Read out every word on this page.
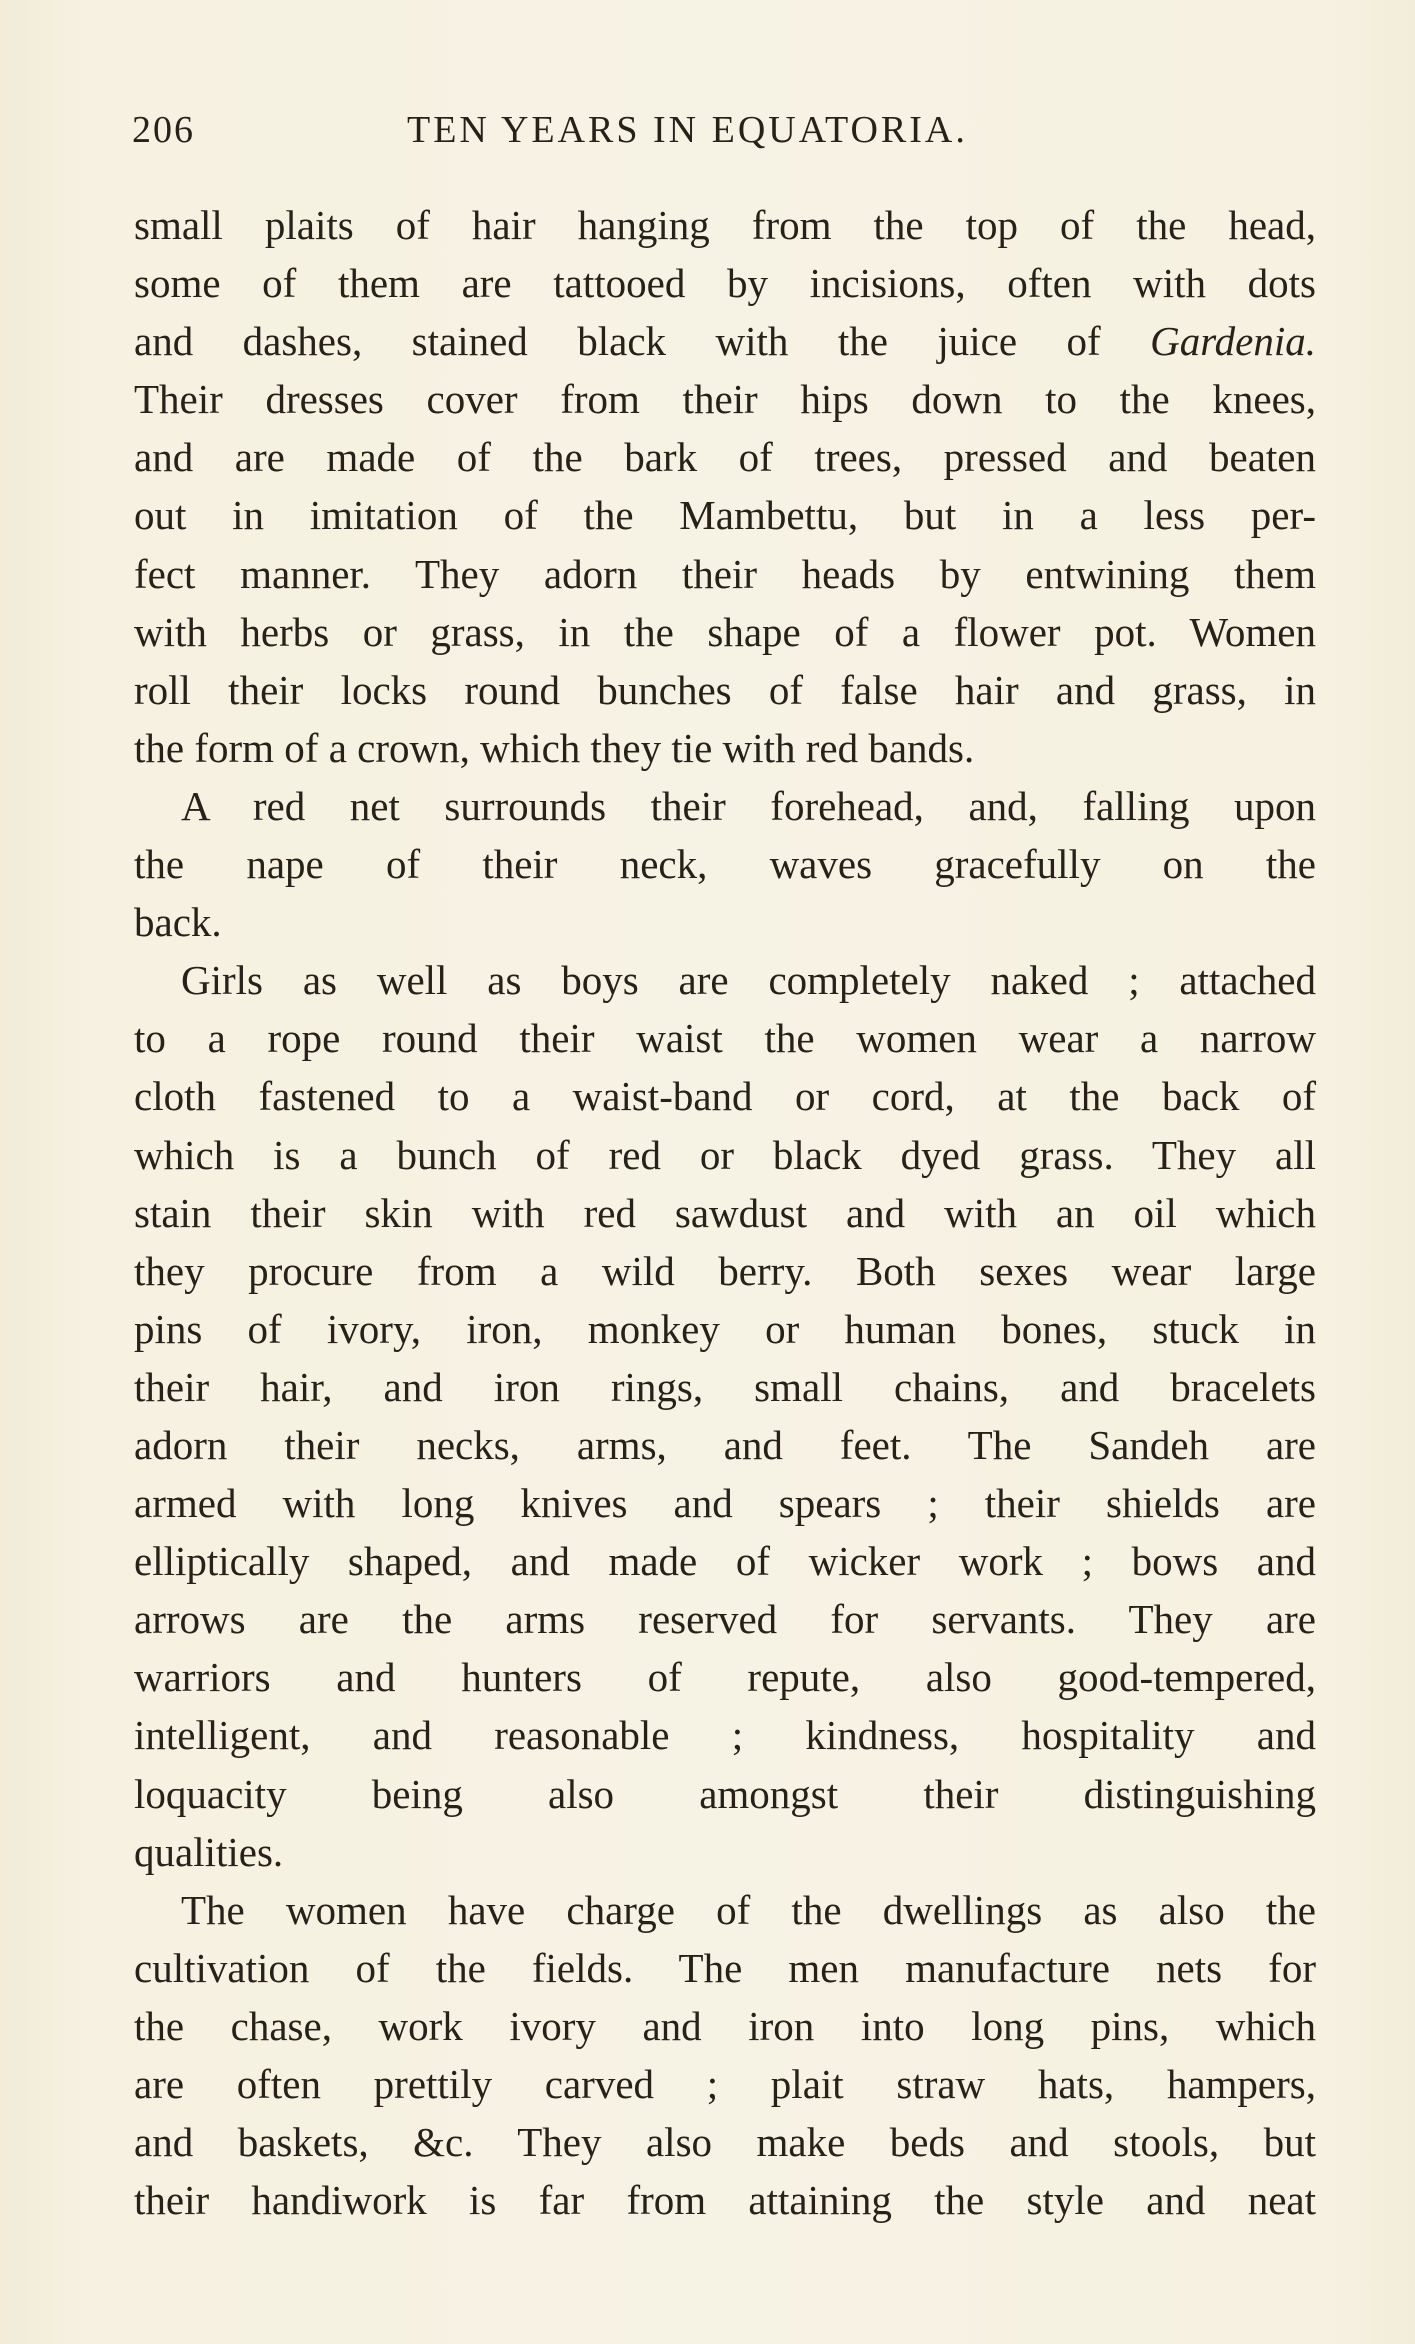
206	TEN YEARS IN EQUATORIA.
small plaits of hair hanging from the top of the head,
some of them are tattooed by incisions, often with dots
and dashes, stained black with the juice of Gardenia.
Their dresses cover from their hips down to the knees,
and are made of the bark of trees, pressed and beaten
out in imitation of the Mambettu, but in a less per-
fect manner. They adorn their heads by entwining them
with herbs or grass, in the shape of a flower pot. Women
roll their locks round bunches of false hair and grass, in
the form of a crown, which they tie with red bands.
A red net surrounds their forehead, and, falling upon
the nape of their neck, waves gracefully on the
back.
Girls as well as boys are completely naked ; attached
to a rope round their waist the women wear a narrow
cloth fastened to a waist-band or cord, at the back of
which is a bunch of red or black dyed grass. They all
stain their skin with red sawdust and with an oil which
they procure from a wild berry. Both sexes wear large
pins of ivory, iron, monkey or human bones, stuck in
their hair, and iron rings, small chains, and bracelets
adorn their necks, arms, and feet. The Sandeh are
armed with long knives and spears ; their shields are
elliptically shaped, and made of wicker work ; bows and
arrows are the arms reserved for servants. They are
warriors and hunters of repute, also good-tempered,
intelligent, and reasonable ; kindness, hospitality and
loquacity being also amongst their distinguishing
qualities.
The women have charge of the dwellings as also the
cultivation of the fields. The men manufacture nets for
the chase, work ivory and iron into long pins, which
are often prettily carved ; plait straw hats, hampers,
and baskets, &c. They also make beds and stools, but
their handiwork is far from attaining the style and neat
